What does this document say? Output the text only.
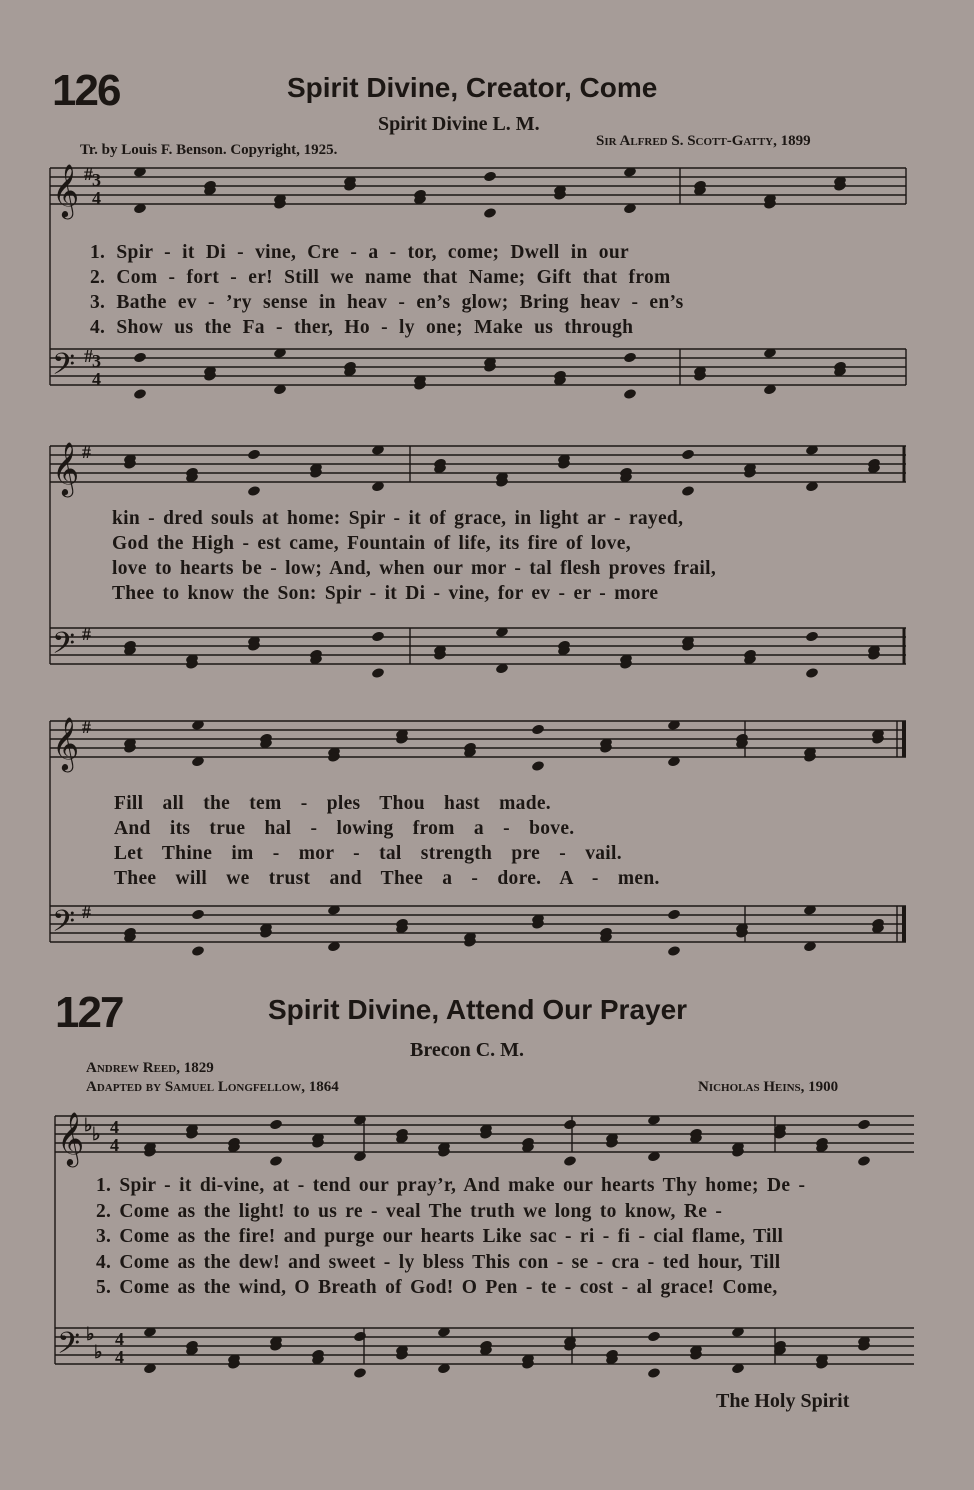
126	Spirit Divine, Creator, Come
Spirit Divine L. M.
Tr. by Louis F. Benson. Copyright, 1925.
Sir Alfred S. Scott-Gatty, 1899
𝄞
𝄢
𝄞
𝄢
𝄞
𝄢
𝄞
𝄢
# 3
4
# 3
4
#
#
#
#
♭ ♭ 4
4
♭
♭
4
4
1. Spir - it Di - vine, Cre - a - tor, come; Dwell in our
2. Com - fort - er! Still we name that Name; Gift that from
3. Bathe ev - ’ry sense in heav - en’s glow; Bring heav - en’s
4. Show us the Fa - ther, Ho - ly one; Make us through
kin - dred souls at home: Spir - it of grace, in light ar - rayed,
God the High - est came, Fountain of life, its fire of love,
love to hearts be - low; And, when our mor - tal flesh proves frail,
Thee to know the Son: Spir - it Di - vine, for ev - er - more
Fill all the tem - ples Thou hast made.
And its true hal - lowing from a - bove.
Let Thine im - mor - tal strength pre - vail.
Thee will we trust and Thee a - dore. A - men.
127	Spirit Divine, Attend Our Prayer
Brecon C. M.
Andrew Reed, 1829
Adapted by Samuel Longfellow, 1864	Nicholas Heins, 1900
1. Spir - it di-vine, at - tend our pray’r, And make our hearts Thy home; De -
2. Come as the light! to us re - veal The truth we long to know, Re -
3. Come as the fire! and purge our hearts Like sac - ri - fi - cial flame, Till
4. Come as the dew! and sweet - ly bless This con - se - cra - ted hour, Till
5. Come as the wind, O Breath of God! O Pen - te - cost - al grace! Come,
The Holy Spirit
